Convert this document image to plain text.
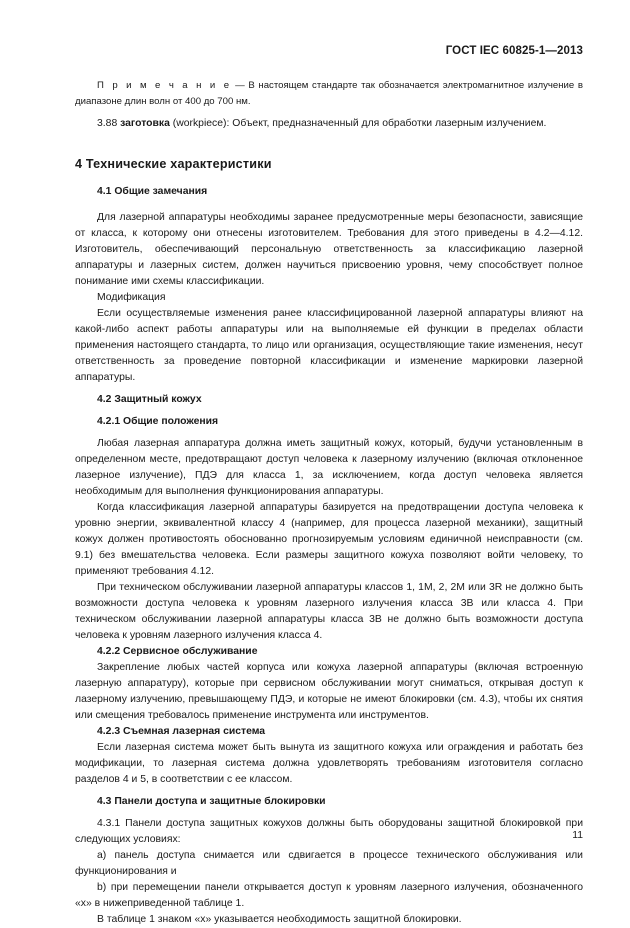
ГОСТ IEC 60825-1—2013

П р и м е ч а н и е — В настоящем стандарте так обозначается электромагнитное излучение в диапазоне длин волн от 400 до 700 нм.

3.88 заготовка (workpiece): Объект, предназначенный для обработки лазерным излучением.

4 Технические характеристики

4.1 Общие замечания

Для лазерной аппаратуры необходимы заранее предусмотренные меры безопасности, зависящие от класса, к которому они отнесены изготовителем. Требования для этого приведены в 4.2—4.12. Изготовитель, обеспечивающий персональную ответственность за классификацию лазерной аппаратуры и лазерных систем, должен научиться присвоению уровня, чему способствует полное понимание ими схемы классификации.

Модификация

Если осуществляемые изменения ранее классифицированной лазерной аппаратуры влияют на какой-либо аспект работы аппаратуры или на выполняемые ей функции в пределах области применения настоящего стандарта, то лицо или организация, осуществляющие такие изменения, несут ответственность за проведение повторной классификации и изменение маркировки лазерной аппаратуры.

4.2 Защитный кожух

4.2.1 Общие положения

Любая лазерная аппаратура должна иметь защитный кожух, который, будучи установленным в определенном месте, предотвращают доступ человека к лазерному излучению (включая отклоненное лазерное излучение), ПДЭ для класса 1, за исключением, когда доступ человека является необходимым для выполнения функционирования аппаратуры.

Когда классификация лазерной аппаратуры базируется на предотвращении доступа человека к уровню энергии, эквивалентной классу 4 (например, для процесса лазерной механики), защитный кожух должен противостоять обоснованно прогнозируемым условиям единичной неисправности (см. 9.1) без вмешательства человека. Если размеры защитного кожуха позволяют войти человеку, то применяют требования 4.12.

При техническом обслуживании лазерной аппаратуры классов 1, 1М, 2, 2М или 3R не должно быть возможности доступа человека к уровням лазерного излучения класса 3В или класса 4. При техническом обслуживании лазерной аппаратуры класса 3В не должно быть возможности доступа человека к уровням лазерного излучения класса 4.

4.2.2 Сервисное обслуживание

Закрепление любых частей корпуса или кожуха лазерной аппаратуры (включая встроенную лазерную аппаратуру), которые при сервисном обслуживании могут сниматься, открывая доступ к лазерному излучению, превышающему ПДЭ, и которые не имеют блокировки (см. 4.3), чтобы их снятия или смещения требовалось применение инструмента или инструментов.

4.2.3 Съемная лазерная система

Если лазерная система может быть вынута из защитного кожуха или ограждения и работать без модификации, то лазерная система должна удовлетворять требованиям изготовителя согласно разделов 4 и 5, в соответствии с ее классом.

4.3 Панели доступа и защитные блокировки

4.3.1 Панели доступа защитных кожухов должны быть оборудованы защитной блокировкой при следующих условиях:

а) панель доступа снимается или сдвигается в процессе технического обслуживания или функционирования и

b) при перемещении панели открывается доступ к уровням лазерного излучения, обозначенного «х» в нижеприведенной таблице 1.

В таблице 1 знаком «х» указывается необходимость защитной блокировки.

11
